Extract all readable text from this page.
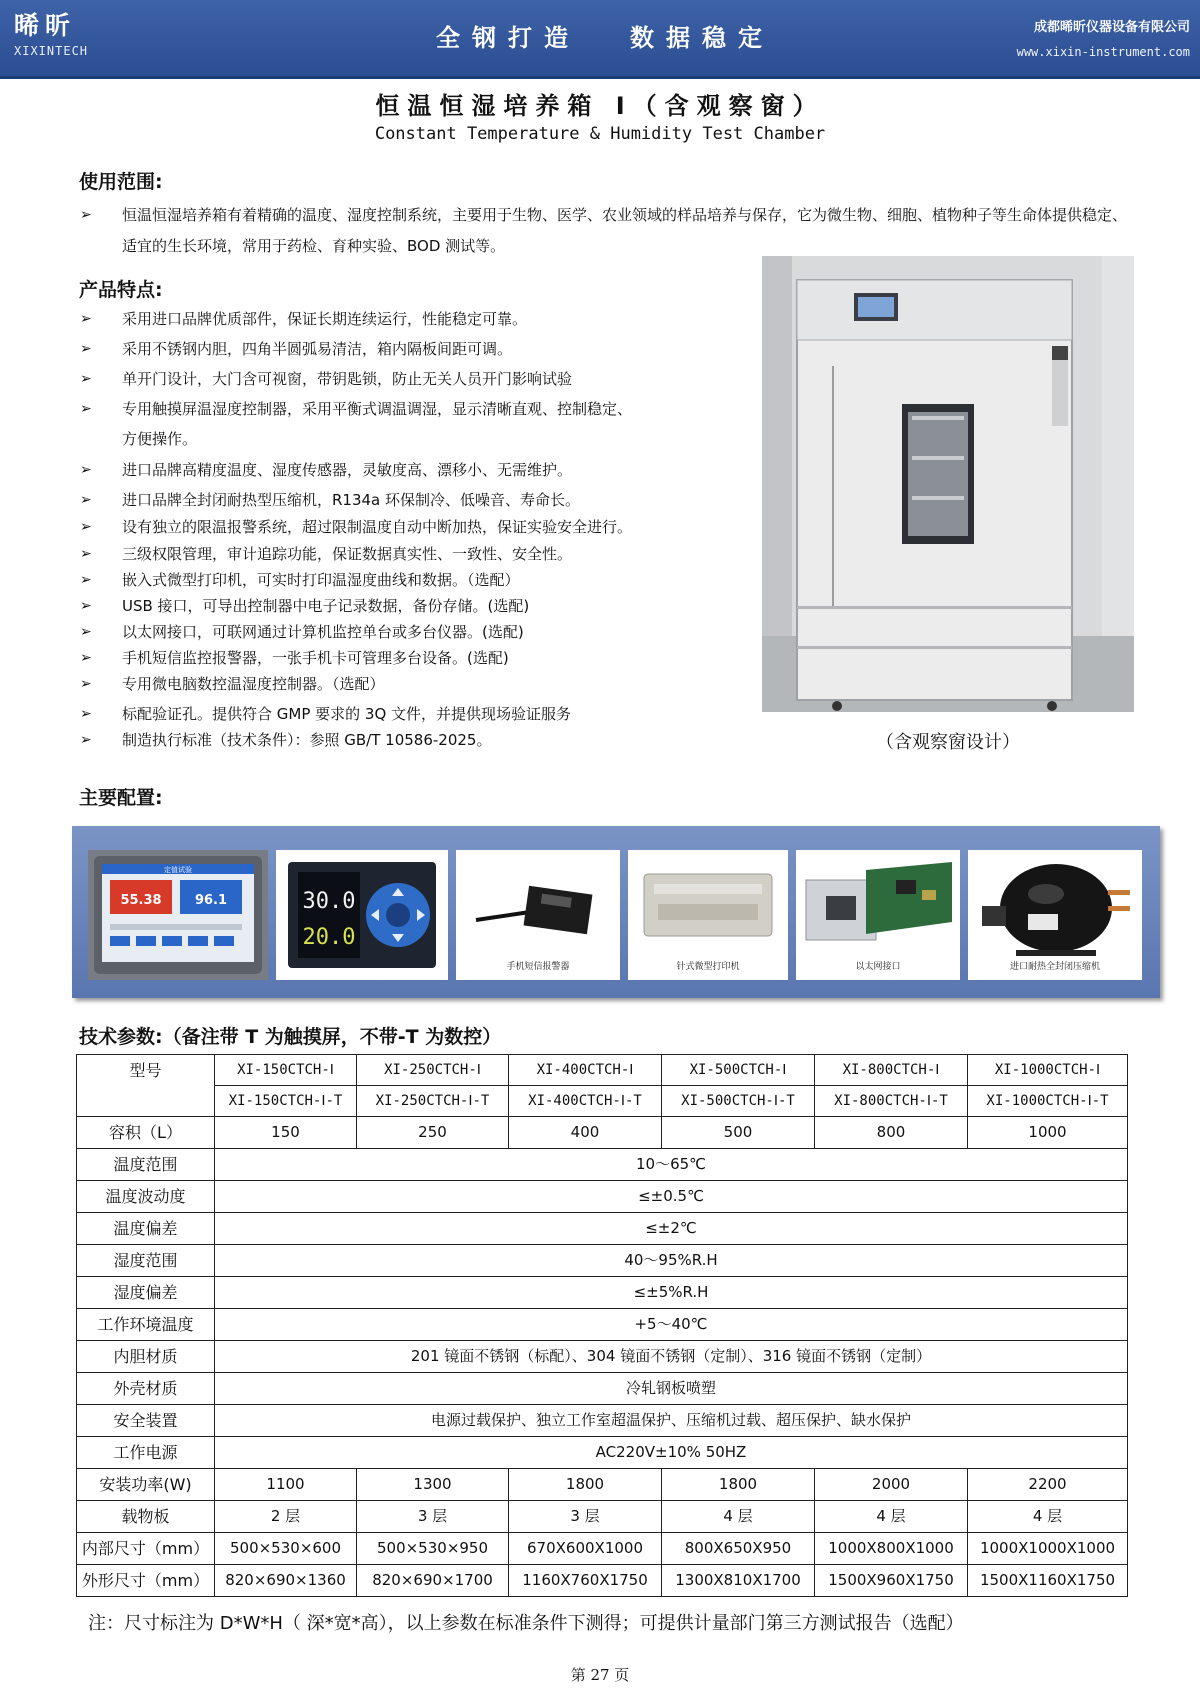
晞昕
XIXINTECH	全钢打造 数据稳定	成都晞昕仪器设备有限公司
www.xixin-instrument.com
恒温恒湿培养箱 Ⅰ（含观察窗）
Constant Temperature & Humidity Test Chamber
使用范围:
➢ 恒温恒湿培养箱有着精确的温度、湿度控制系统，主要用于生物、医学、农业领域的样品培养与保存，它为微生物、细胞、植物种子等生命体提供稳定、适宜的生长环境，常用于药检、育种实验、BOD 测试等。
产品特点:
➢ 采用进口品牌优质部件，保证长期连续运行，性能稳定可靠。
➢ 采用不锈钢内胆，四角半圆弧易清洁，箱内隔板间距可调。
➢ 单开门设计，大门含可视窗，带钥匙锁，防止无关人员开门影响试验
➢ 专用触摸屏温湿度控制器，采用平衡式调温调湿，显示清晰直观、控制稳定、
方便操作。
➢ 进口品牌高精度温度、湿度传感器，灵敏度高、漂移小、无需维护。
➢ 进口品牌全封闭耐热型压缩机，R134a 环保制冷、低噪音、寿命长。
➢ 设有独立的限温报警系统，超过限制温度自动中断加热，保证实验安全进行。
➢ 三级权限管理，审计追踪功能，保证数据真实性、一致性、安全性。
➢ 嵌入式微型打印机，可实时打印温湿度曲线和数据。（选配）
➢ USB 接口，可导出控制器中电子记录数据，备份存储。(选配)
➢ 以太网接口，可联网通过计算机监控单台或多台仪器。(选配)
➢ 手机短信监控报警器，一张手机卡可管理多台设备。(选配)
➢ 专用微电脑数控温湿度控制器。（选配）
➢ 标配验证孔。提供符合 GMP 要求的 3Q 文件，并提供现场验证服务
➢ 制造执行标准（技术条件）：参照 GB/T 10586-2025。	（含观察窗设计）
主要配置:
定值试验
55.38	96.1	30.0
20.0
手机短信报警器	针式微型打印机	以太网接口	进口耐热全封闭压缩机
技术参数:（备注带 T 为触摸屏，不带-T 为数控）
型号	XI-150CTCH-Ⅰ	XI-250CTCH-Ⅰ	XI-400CTCH-Ⅰ	XI-500CTCH-Ⅰ	XI-800CTCH-Ⅰ	XI-1000CTCH-Ⅰ
	XI-150CTCH-Ⅰ-T	XI-250CTCH-Ⅰ-T	XI-400CTCH-Ⅰ-T	XI-500CTCH-Ⅰ-T	XI-800CTCH-Ⅰ-T	XI-1000CTCH-Ⅰ-T
容积（L）	150	250	400	500	800	1000
温度范围	10～65℃					
温度波动度	≤±0.5℃					
温度偏差	≤±2℃					
湿度范围	40～95%R.H					
湿度偏差	≤±5%R.H					
工作环境温度	+5～40℃					
内胆材质	201 镜面不锈钢（标配）、304 镜面不锈钢（定制）、316 镜面不锈钢（定制）					
外壳材质	冷轧钢板喷塑					
安全装置	电源过载保护、独立工作室超温保护、压缩机过载、超压保护、缺水保护					
工作电源	AC220V±10% 50HZ					
安装功率(W)	1100	1300	1800	1800	2000	2200
载物板	2 层	3 层	3 层	4 层	4 层	4 层
内部尺寸（mm）	500×530×600	500×530×950	670X600X1000	800X650X950	1000X800X1000	1000X1000X1000
外形尺寸（mm）	820×690×1360	820×690×1700	1160X760X1750	1300X810X1700	1500X960X1750	1500X1160X1750
注：尺寸标注为 D*W*H（ 深*宽*高），以上参数在标准条件下测得；可提供计量部门第三方测试报告（选配）
第 27 页
